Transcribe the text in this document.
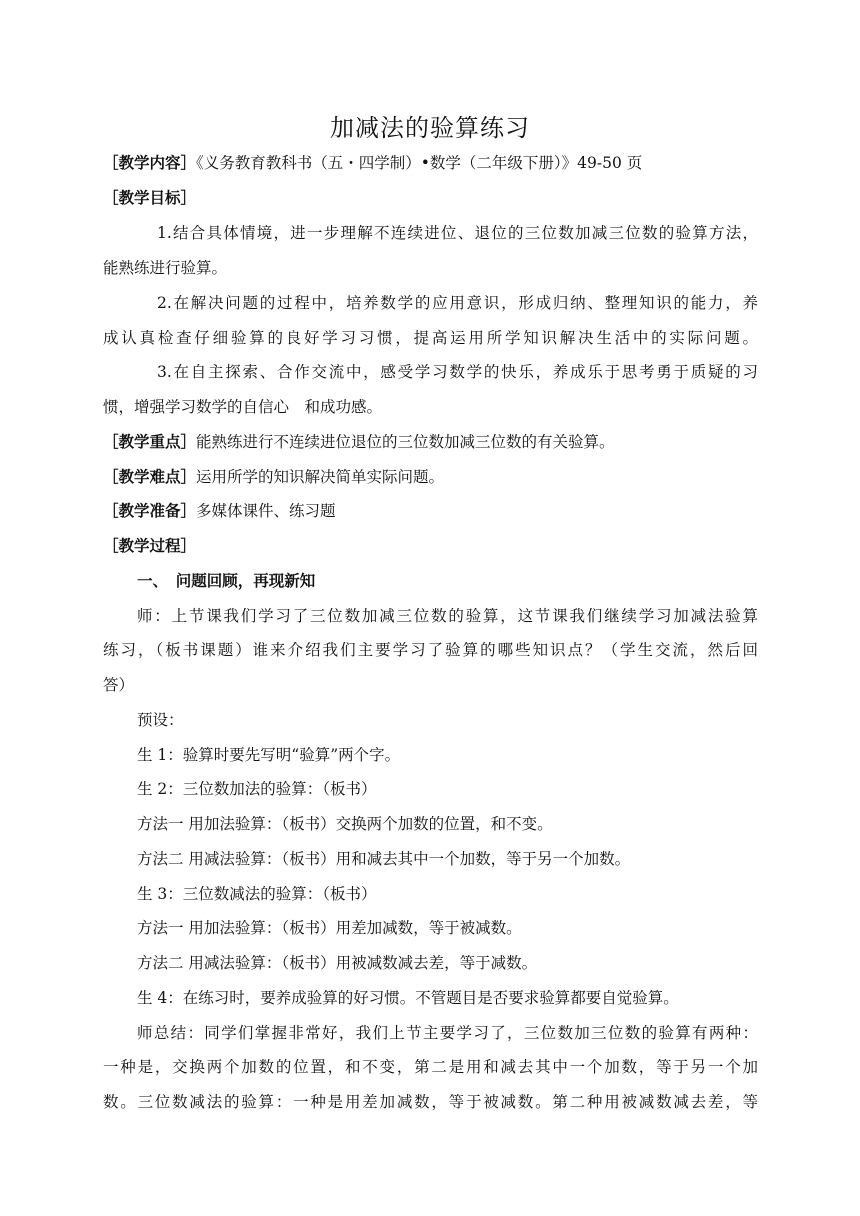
加减法的验算练习
［教学内容］《义务教育教科书（五・四学制）•数学（二年级下册）》49-50 页
［教学目标］
1.结合具体情境，进一步理解不连续进位、退位的三位数加减三位数的验算方法，
能熟练进行验算。
2.在解决问题的过程中，培养数学的应用意识，形成归纳、整理知识的能力，养
成认真检查仔细验算的良好学习习惯，提高运用所学知识解决生活中的实际问题。
3.在自主探索、合作交流中，感受学习数学的快乐，养成乐于思考勇于质疑的习
惯，增强学习数学的自信心　和成功感。
［教学重点］能熟练进行不连续进位退位的三位数加减三位数的有关验算。
［教学难点］运用所学的知识解决简单实际问题。
［教学准备］多媒体课件、练习题
［教学过程］
一、　问题回顾，再现新知
师：上节课我们学习了三位数加减三位数的验算，这节课我们继续学习加减法验算
练习，（板书课题）谁来介绍我们主要学习了验算的哪些知识点？（学生交流，然后回
答）
预设：
生 1：验算时要先写明“验算”两个字。
生 2：三位数加法的验算：（板书）
方法一 用加法验算：（板书）交换两个加数的位置，和不变。
方法二 用减法验算：（板书）用和减去其中一个加数，等于另一个加数。
生 3：三位数减法的验算：（板书）
方法一 用加法验算：（板书）用差加减数，等于被减数。
方法二 用减法验算：（板书）用被减数减去差，等于减数。
生 4：在练习时，要养成验算的好习惯。不管题目是否要求验算都要自觉验算。
师总结：同学们掌握非常好，我们上节主要学习了，三位数加三位数的验算有两种：
一种是，交换两个加数的位置，和不变，第二是用和减去其中一个加数，等于另一个加
数。三位数减法的验算：一种是用差加减数，等于被减数。第二种用被减数减去差，等
